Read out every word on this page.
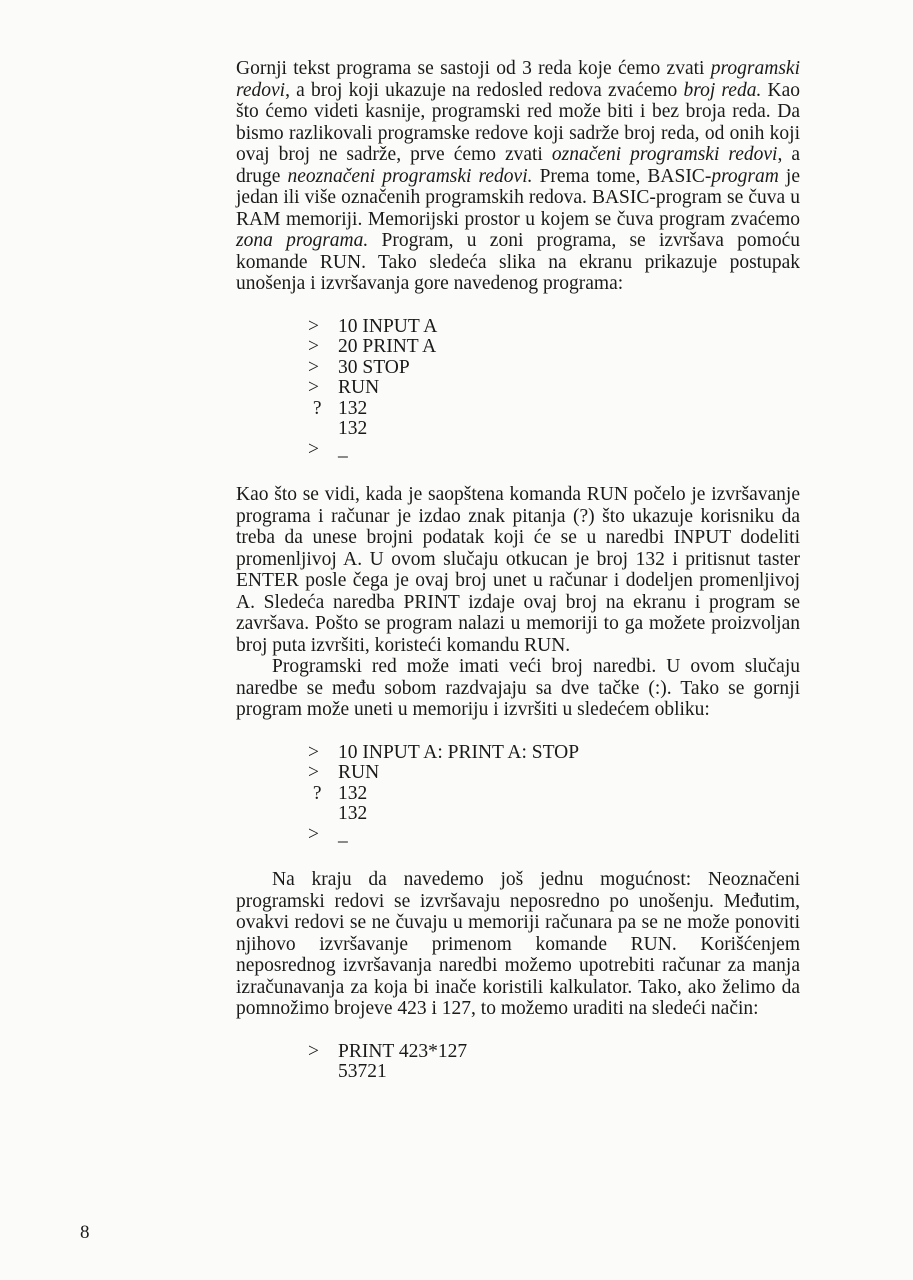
Gornji tekst programa se sastoji od 3 reda koje ćemo zvati programski redovi, a broj koji ukazuje na redosled redova zvaćemo broj reda. Kao što ćemo videti kasnije, programski red može biti i bez broja reda. Da bismo razlikovali programske redove koji sadrže broj reda, od onih koji ovaj broj ne sadrže, prve ćemo zvati označeni programski redovi, a druge neoznačeni programski redovi. Prema tome, BASIC-program je jedan ili više označenih programskih redova. BASIC-program se čuva u RAM memoriji. Memorijski prostor u kojem se čuva program zvaćemo zona programa. Program, u zoni programa, se izvršava pomoću komande RUN. Tako sledeća slika na ekranu prikazuje postupak unošenja i izvršavanja gore navedenog programa:

> 10 INPUT A
> 20 PRINT A
> 30 STOP
> RUN
? 132
132
> _

Kao što se vidi, kada je saopštena komanda RUN počelo je izvršavanje programa i računar je izdao znak pitanja (?) što ukazuje korisniku da treba da unese brojni podatak koji će se u naredbi INPUT dodeliti promenljivoj A. U ovom slučaju otkucan je broj 132 i pritisnut taster ENTER posle čega je ovaj broj unet u računar i dodeljen promenljivoj A. Sledeća naredba PRINT izdaje ovaj broj na ekranu i program se završava. Pošto se program nalazi u memoriji to ga možete proizvoljan broj puta izvršiti, koristeći komandu RUN.

Programski red može imati veći broj naredbi. U ovom slučaju naredbe se među sobom razdvajaju sa dve tačke (:). Tako se gornji program može uneti u memoriju i izvršiti u sledećem obliku:

> 10 INPUT A: PRINT A: STOP
> RUN
? 132
132
> _

Na kraju da navedemo još jednu mogućnost: Neoznačeni programski redovi se izvršavaju neposredno po unošenju. Međutim, ovakvi redovi se ne čuvaju u memoriji računara pa se ne može ponoviti njihovo izvršavanje primenom komande RUN. Korišćenjem neposrednog izvršavanja naredbi možemo upotrebiti računar za manja izračunavanja za koja bi inače koristili kalkulator. Tako, ako želimo da pomnožimo brojeve 423 i 127, to možemo uraditi na sledeći način:

> PRINT 423*127
53721
8
